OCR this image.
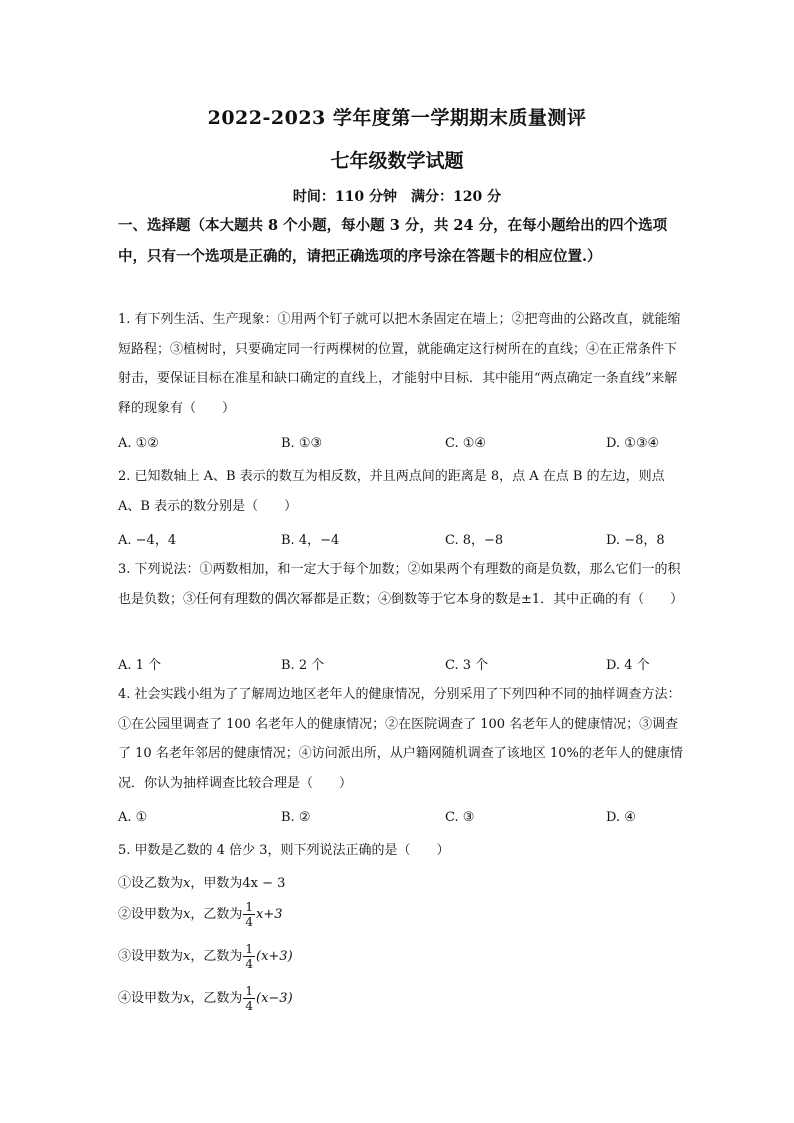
2022-2023 学年度第一学期期末质量测评
七年级数学试题
时间：110 分钟 满分：120 分
一、选择题（本大题共 8 个小题，每小题 3 分，共 24 分，在每小题给出的四个选项中，只有一个选项是正确的，请把正确选项的序号涂在答题卡的相应位置.）
1. 有下列生活、生产现象：①用两个钉子就可以把木条固定在墙上；②把弯曲的公路改直，就能缩短路程；③植树时，只要确定同一行两棵树的位置，就能确定这行树所在的直线；④在正常条件下射击，要保证目标在准星和缺口确定的直线上，才能射中目标．其中能用“两点确定一条直线”来解释的现象有（　　）
A. ①②	B. ①③	C. ①④	D. ①③④
2. 已知数轴上 A、B 表示的数互为相反数，并且两点间的距离是 8，点 A 在点 B 的左边，则点 A、B 表示的数分别是（　　）
A. −4，4	B. 4，−4	C. 8，−8	D. −8，8
3. 下列说法：①两数相加，和一定大于每个加数；②如果两个有理数的商是负数，那么它们一的积也是负数；③任何有理数的偶次幂都是正数；④倒数等于它本身的数是±1．其中正确的有（　　）
A. 1 个	B. 2 个	C. 3 个	D. 4 个
4. 社会实践小组为了了解周边地区老年人的健康情况，分别采用了下列四种不同的抽样调查方法：①在公园里调查了 100 名老年人的健康情况；②在医院调查了 100 名老年人的健康情况；③调查了 10 名老年邻居的健康情况；④访问派出所，从户籍网随机调查了该地区 10%的老年人的健康情况．你认为抽样调查比较合理是（　　）
A. ①	B. ②	C. ③	D. ④
5. 甲数是乙数的 4 倍少 3，则下列说法正确的是（　　）
①设乙数为x，甲数为4x − 3
②设甲数为x，乙数为 $\frac{1}{4} x+3$
③设甲数为x，乙数为 $\frac{1}{4} (x+3)$
④设甲数为x，乙数为 $\frac{1}{4} (x-3)$
